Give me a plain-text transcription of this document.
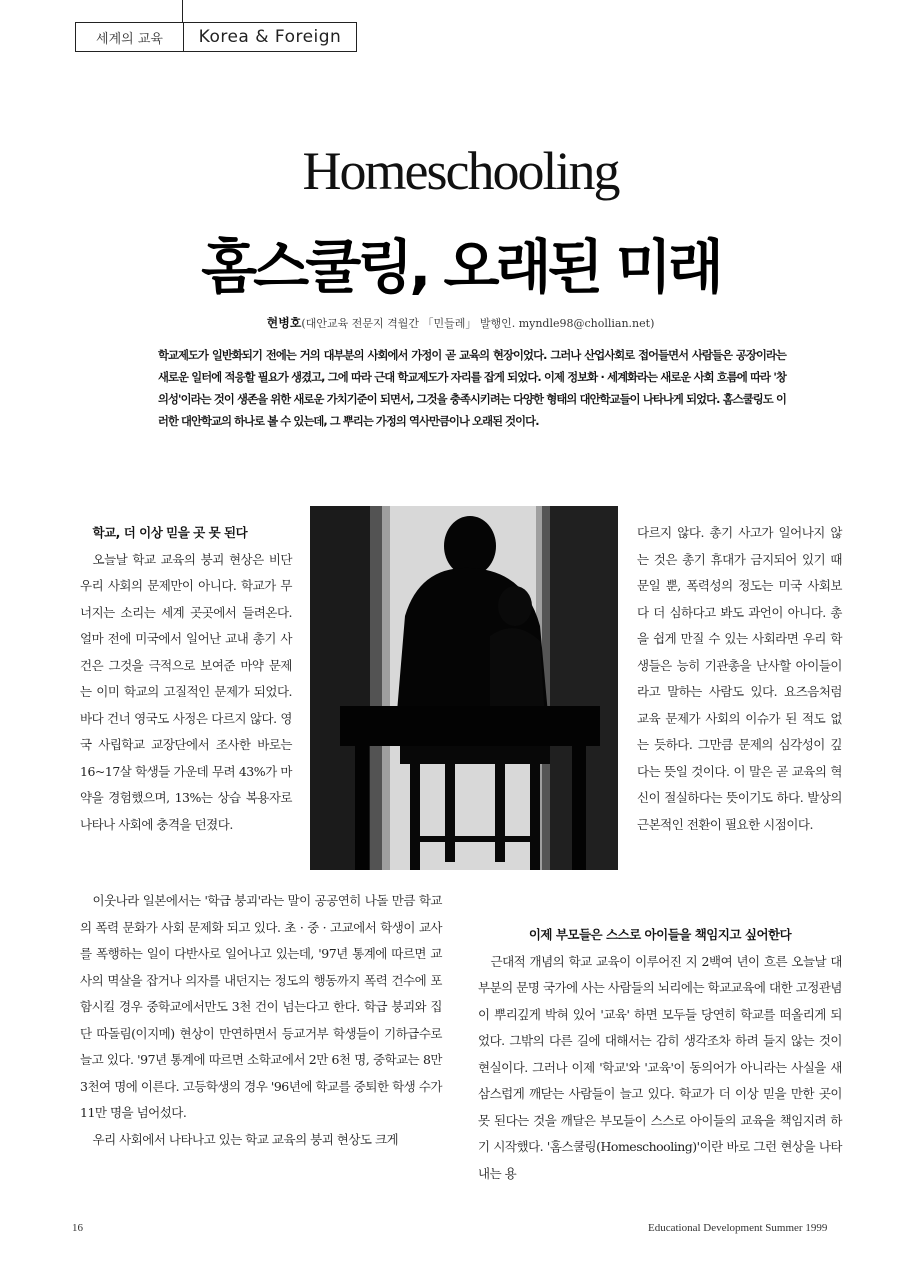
세계의 교육	Korea & Foreign
Homeschooling
홈스쿨링, 오래된 미래
현병호(대안교육 전문지 격월간 「민들레」 발행인. myndle98@chollian.net)
학교제도가 일반화되기 전에는 거의 대부분의 사회에서 가정이 곧 교육의 현장이었다. 그러나 산업사회로 접어들면서 사람들은 공장이라는 새로운 일터에 적응할 필요가 생겼고, 그에 따라 근대 학교제도가 자리를 잡게 되었다. 이제 정보화 · 세계화라는 새로운 사회 흐름에 따라 '창의성'이라는 것이 생존을 위한 새로운 가치기준이 되면서, 그것을 충족시키려는 다양한 형태의 대안학교들이 나타나게 되었다. 홈스쿨링도 이러한 대안학교의 하나로 볼 수 있는데, 그 뿌리는 가정의 역사만큼이나 오래된 것이다.
학교, 더 이상 믿을 곳 못 된다

오늘날 학교 교육의 붕괴 현상은 비단 우리 사회의 문제만이 아니다. 학교가 무너지는 소리는 세계 곳곳에서 들려온다. 얼마 전에 미국에서 일어난 교내 총기 사건은 그것을 극적으로 보여준 마약 문제는 이미 학교의 고질적인 문제가 되었다. 바다 건너 영국도 사정은 다르지 않다. 영국 사립학교 교장단에서 조사한 바로는 16~17살 학생들 가운데 무려 43%가 마약을 경험했으며, 13%는 상습 복용자로 나타나 사회에 충격을 던졌다.

다르지 않다. 총기 사고가 일어나지 않는 것은 총기 휴대가 금지되어 있기 때문일 뿐, 폭력성의 정도는 미국 사회보다 더 심하다고 봐도 과언이 아니다. 총을 쉽게 만질 수 있는 사회라면 우리 학생들은 능히 기관총을 난사할 아이들이라고 말하는 사람도 있다. 요즈음처럼 교육 문제가 사회의 이슈가 된 적도 없는 듯하다. 그만큼 문제의 심각성이 깊다는 뜻일 것이다. 이 말은 곧 교육의 혁신이 절실하다는 뜻이기도 하다. 발상의 근본적인 전환이 필요한 시점이다.

이웃나라 일본에서는 '학급 붕괴'라는 말이 공공연히 나돌 만큼 학교의 폭력 문화가 사회 문제화 되고 있다. 초 · 중 · 고교에서 학생이 교사를 폭행하는 일이 다반사로 일어나고 있는데, '97년 통계에 따르면 교사의 멱살을 잡거나 의자를 내던지는 정도의 행동까지 폭력 건수에 포함시킬 경우 중학교에서만도 3천 건이 넘는다고 한다. 학급 붕괴와 집단 따돌림(이지메) 현상이 만연하면서 등교거부 학생들이 기하급수로 늘고 있다. '97년 통계에 따르면 소학교에서 2만 6천 명, 중학교는 8만 3천여 명에 이른다. 고등학생의 경우 '96년에 학교를 중퇴한 학생 수가 11만 명을 넘어섰다.

우리 사회에서 나타나고 있는 학교 교육의 붕괴 현상도 크게

이제 부모들은 스스로 아이들을 책임지고 싶어한다

근대적 개념의 학교 교육이 이루어진 지 2백여 년이 흐른 오늘날 대부분의 문명 국가에 사는 사람들의 뇌리에는 학교교육에 대한 고정관념이 뿌리깊게 박혀 있어 '교육' 하면 모두들 당연히 학교를 떠올리게 되었다. 그밖의 다른 길에 대해서는 감히 생각조차 하려 들지 않는 것이 현실이다. 그러나 이제 '학교'와 '교육'이 동의어가 아니라는 사실을 새삼스럽게 깨닫는 사람들이 늘고 있다. 학교가 더 이상 믿을 만한 곳이 못 된다는 것을 깨달은 부모들이 스스로 아이들의 교육을 책임지려 하기 시작했다. '홈스쿨링(Homeschooling)'이란 바로 그런 현상을 나타내는 용

16	Educational Development Summer 1999
